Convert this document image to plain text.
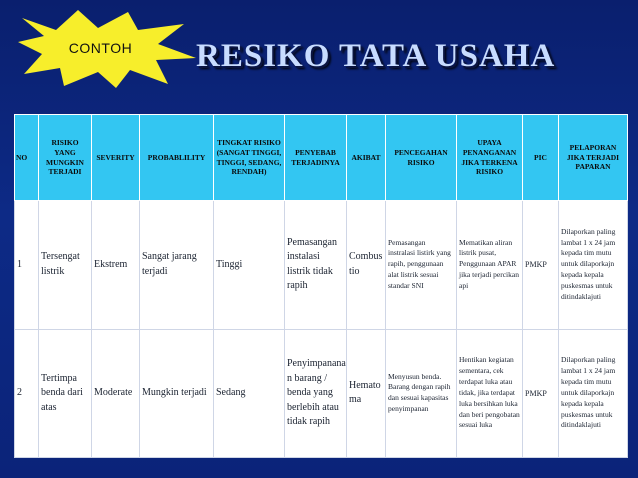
CONTOH	RESIKO TATA USAHA
NO	RISIKO YANG MUNGKIN TERJADI	SEVERITY	PROBABLILITY	TINGKAT RISIKO (SANGAT TINGGI, TINGGI, SEDANG, RENDAH)	PENYEBAB TERJADINYA	AKIBAT	PENCEGAHAN RISIKO	UPAYA PENANGANAN JIKA TERKENA RISIKO	PIC	PELAPORAN JIKA TERJADI PAPARAN
1	Tersengat listrik	Ekstrem	Sangat jarang terjadi	Tinggi	Pemasangan instalasi listrik tidak rapih	Combus tio	Pemasangan instralasi listirk yang rapih, penggunaan alat listrik sesuai standar SNI	Mematikan aliran listrik pusat, Penggunaan APAR jika terjadi percikan api	PMKP	Dilaporkan paling lambat 1 x 24 jam kepada tim mutu untuk dilaporkajn kepada kepala puskesmas untuk ditindaklajuti
2	Tertimpa benda dari atas	Moderate	Mungkin terjadi	Sedang	Penyimpanana n barang / benda yang berlebih atau tidak rapih	Hemato ma	Menyusun benda. Barang dengan rapih dan sesuai kapasitas penyimpanan	Hentikan kegiatan sementara, cek terdapat luka atau tidak, jika terdapat luka bersihkan luka dan beri pengobatan sesuai luka	PMKP	Dilaporkan paling lambat 1 x 24 jam kepada tim mutu untuk dilaporkajn kepada kepala puskesmas untuk ditindaklajuti
